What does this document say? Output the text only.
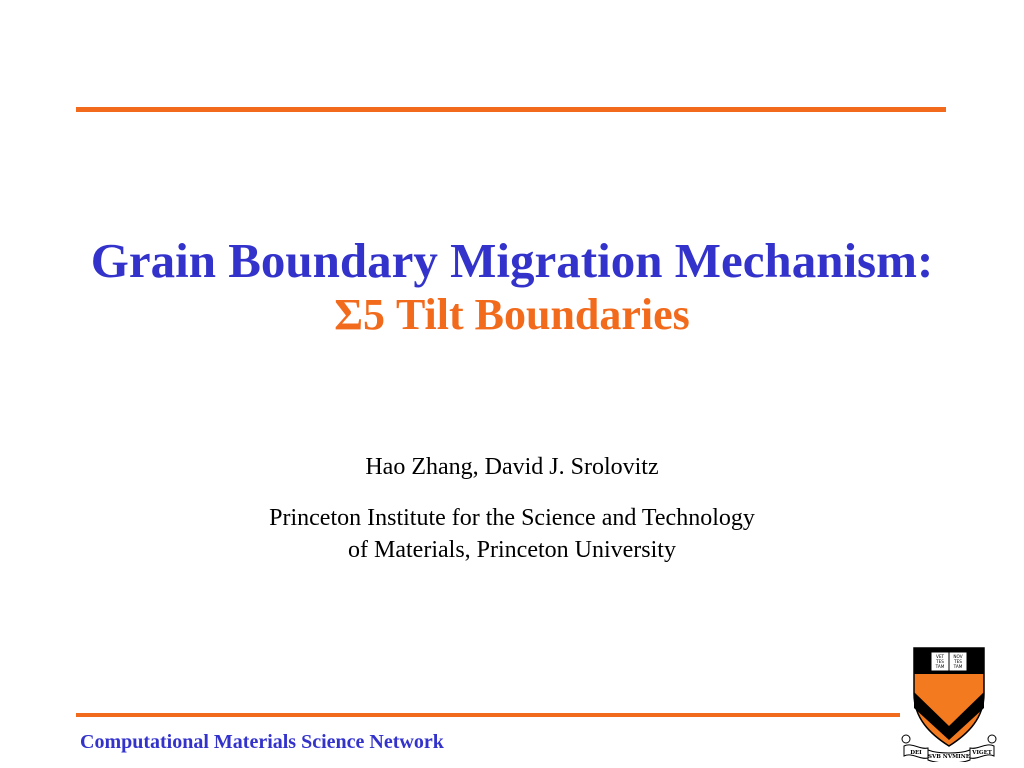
Grain Boundary Migration Mechanism:
Σ5 Tilt Boundaries
Hao Zhang, David J. Srolovitz
Princeton Institute for the Science and Technology
of Materials, Princeton University
Computational Materials Science Network
VET
TES
TAM
NOV
TES
TAM
DEI
SVB NVMINE
VIGET
